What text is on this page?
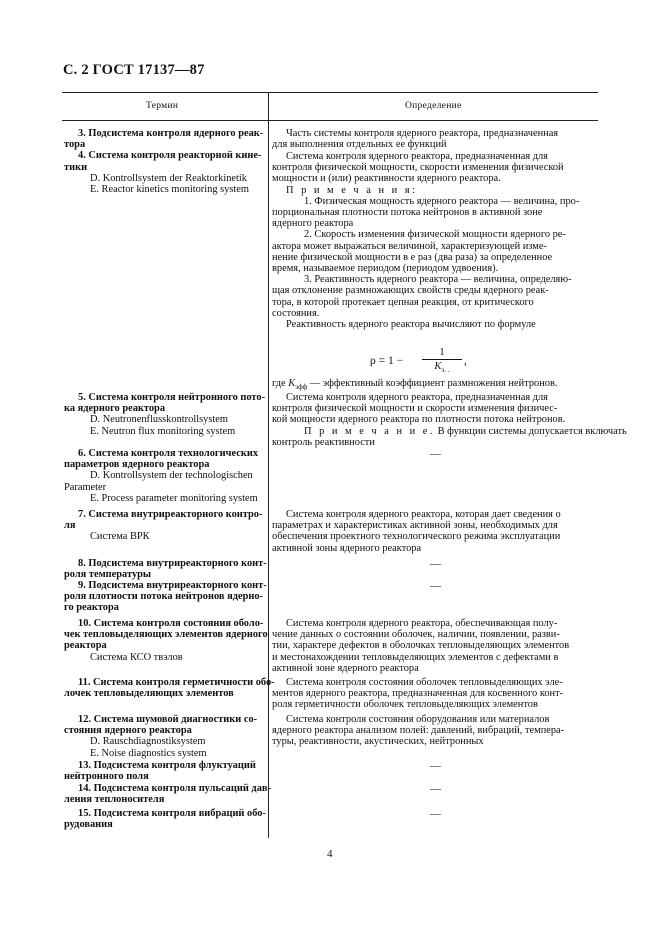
С. 2 ГОСТ 17137—87
Термин	Определение
3. Подсистема контроля ядерного реак-
тора
4. Система контроля реакторной кине-
тики
D. Kontrollsystem der Reaktorkinetik
E. Reactor kinetics monitoring system
5. Система контроля нейтронного пото-
ка ядерного реактора
D. Neutronenflusskontrollsystem
E. Neutron flux monitoring system
6. Система контроля технологических
параметров ядерного реактора
D. Kontrollsystem der technologischen
Parameter
E. Process parameter monitoring system
7. Система внутриреакторного контро-
ля
Система ВРК
8. Подсистема внутриреакторного конт-
роля температуры
9. Подсистема внутриреакторного конт-
роля плотности потока нейтронов ядерно-
го реактора
10. Система контроля состояния оболо-
чек тепловыделяющих элементов ядерного
реактора
Система КСО твэлов
11. Система контроля герметичности обо-
лочек тепловыделяющих элементов
12. Система шумовой диагностики со-
стояния ядерного реактора
D. Rauschdiagnostiksystem
E. Noise diagnostics system
13. Подсистема контроля флуктуаций
нейтронного поля
14. Подсистема контроля пульсаций дав-
ления теплоносителя
15. Подсистема контроля вибраций обо-
рудования
Часть системы контроля ядерного реактора, предназначенная
для выполнения отдельных ее функций
Система контроля ядерного реактора, предназначенная для
контроля физической мощности, скорости изменения физической
мощности и (или) реактивности ядерного реактора.
П р и м е ч а н и я:
1. Физическая мощность ядерного реактора — величина, про-
порциональная плотности потока нейтронов в активной зоне
ядерного реактора
2. Скорость изменения физической мощности ядерного ре-
актора может выражаться величиной, характеризующей изме-
нение физической мощности в е раз (два раза) за определенное
время, называемое периодом (периодом удвоения).
3. Реактивность ядерного реактора — величина, определяю-
щая отклонение размножающих свойств среды ядерного реак-
тора, в которой протекает цепная реакция, от критического
состояния.
Реактивность ядерного реактора вычисляют по формуле
ρ = 1 −
1
$K_{э. .}$
,
где $K_{эфф}$ — эффективный коэффициент размножения нейтронов.
Система контроля ядерного реактора, предназначенная для
контроля физической мощности и скорости изменения физичес-
кой мощности ядерного реактора по плотности потока нейтронов.
П р и м е ч а н и е. В функции системы допускается включать
контроль реактивности
—
Система контроля ядерного реактора, которая дает сведения о
параметрах и характеристиках активной зоны, необходимых для
обеспечения проектного технологического режима эксплуатации
активной зоны ядерного реактора
—
—
Система контроля ядерного реактора, обеспечивающая полу-
чение данных о состоянии оболочек, наличии, появлении, разви-
тии, характере дефектов в оболочках тепловыделяющих элементов
и местонахождении тепловыделяющих элементов с дефектами в
активной зоне ядерного реактора
Система контроля состояния оболочек тепловыделяющих эле-
ментов ядерного реактора, предназначенная для косвенного конт-
роля герметичности оболочек тепловыделяющих элементов
Система контроля состояния оборудования или материалов
ядерного реактора анализом полей: давлений, вибраций, темпера-
туры, реактивности, акустических, нейтронных
—
—
—
4
